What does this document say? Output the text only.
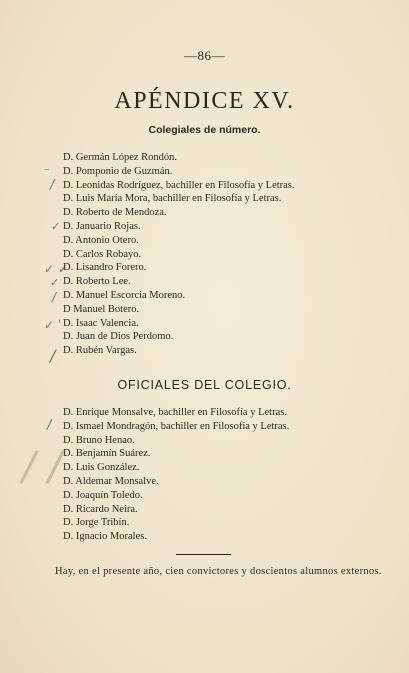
—86—
APÉNDICE XV.
Colegiales de número.
D. Germán López Rondón.
D. Pomponio de Guzmán.
D. Leonidas Rodríguez, bachiller en Filosofía y Letras.
D. Luis María Mora, bachiller en Filosofía y Letras.
D. Roberto de Mendoza.
D. Januario Rojas.
D. Antonio Otero.
D. Carlos Robayo.
D. Lisandro Forero.
D. Roberto Lee.
D. Manuel Escorcia Moreno.
D Manuel Botero.
D. Isaac Valencia.
D. Juan de Dios Perdomo.
D. Rubén Vargas.
OFICIALES DEL COLEGIO.
D. Enrique Monsalve, bachiller en Filosofía y Letras.
D. Ismael Mondragón, bachiller en Filosofía y Letras.
D. Bruno Henao.
D. Benjamín Suárez.
D. Luis González.
D. Aldemar Monsalve.
D. Joaquín Toledo.
D. Ricardo Neira.
D. Jorge Tribín.
D. Ignacio Morales.
Hay, en el presente año, cien convictores y doscientos alumnos externos.
⁻
/
✓
✓ ✓
✓
/
✓ ˈ
/
/
/ /
